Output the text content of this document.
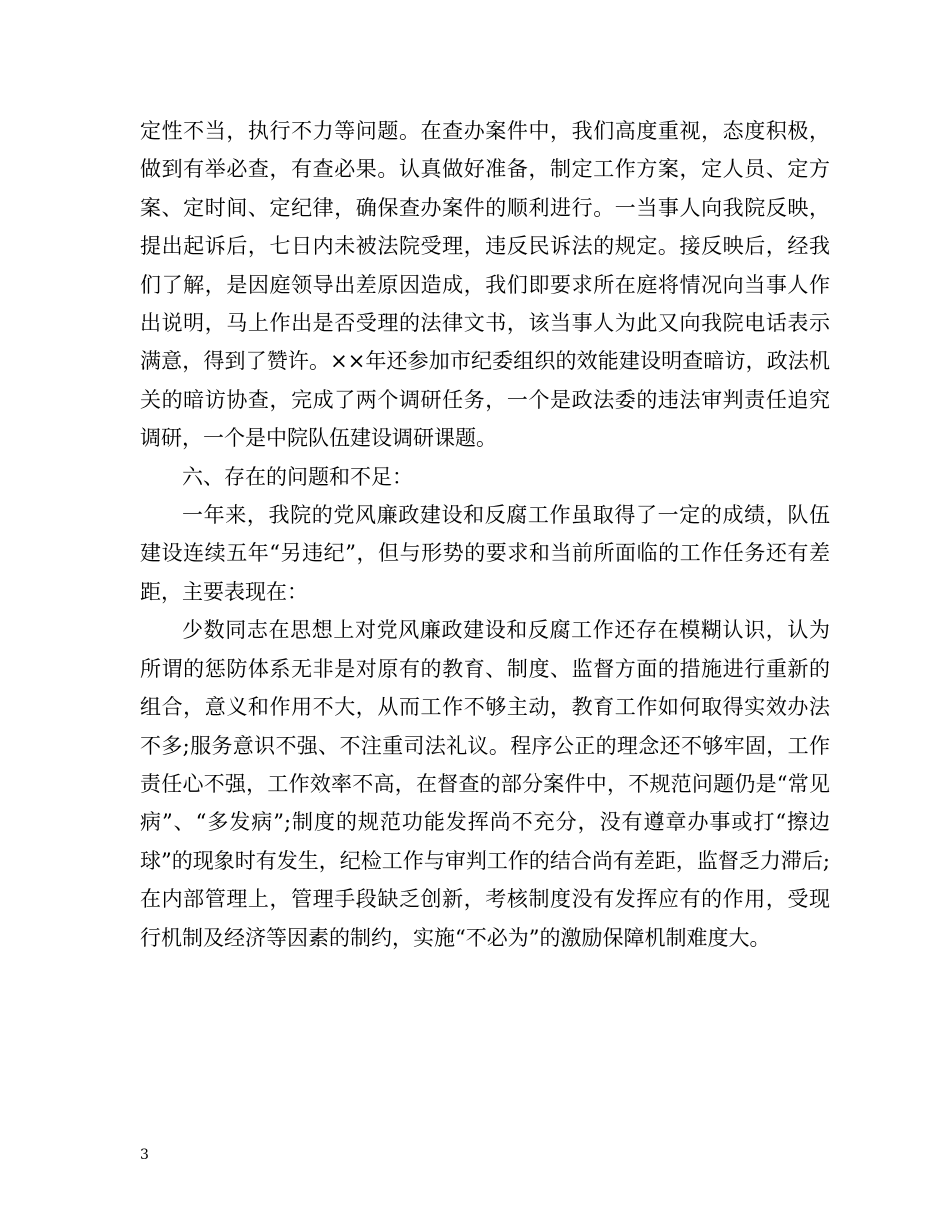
定性不当，执行不力等问题。在查办案件中，我们高度重视，态度积极，做到有举必查，有查必果。认真做好准备，制定工作方案，定人员、定方案、定时间、定纪律，确保查办案件的顺利进行。一当事人向我院反映，提出起诉后，七日内未被法院受理，违反民诉法的规定。接反映后，经我们了解，是因庭领导出差原因造成，我们即要求所在庭将情况向当事人作出说明，马上作出是否受理的法律文书，该当事人为此又向我院电话表示满意，得到了赞许。××年还参加市纪委组织的效能建设明查暗访，政法机关的暗访协查，完成了两个调研任务，一个是政法委的违法审判责任追究调研，一个是中院队伍建设调研课题。

六、存在的问题和不足：

一年来，我院的党风廉政建设和反腐工作虽取得了一定的成绩，队伍建设连续五年“另违纪”，但与形势的要求和当前所面临的工作任务还有差距，主要表现在：

少数同志在思想上对党风廉政建设和反腐工作还存在模糊认识，认为所谓的惩防体系无非是对原有的教育、制度、监督方面的措施进行重新的组合，意义和作用不大，从而工作不够主动，教育工作如何取得实效办法不多;服务意识不强、不注重司法礼议。程序公正的理念还不够牢固，工作责任心不强，工作效率不高，在督查的部分案件中，不规范问题仍是“常见病”、“多发病”;制度的规范功能发挥尚不充分，没有遵章办事或打“擦边球”的现象时有发生，纪检工作与审判工作的结合尚有差距，监督乏力滞后;在内部管理上，管理手段缺乏创新，考核制度没有发挥应有的作用，受现行机制及经济等因素的制约，实施“不必为”的激励保障机制难度大。

3
